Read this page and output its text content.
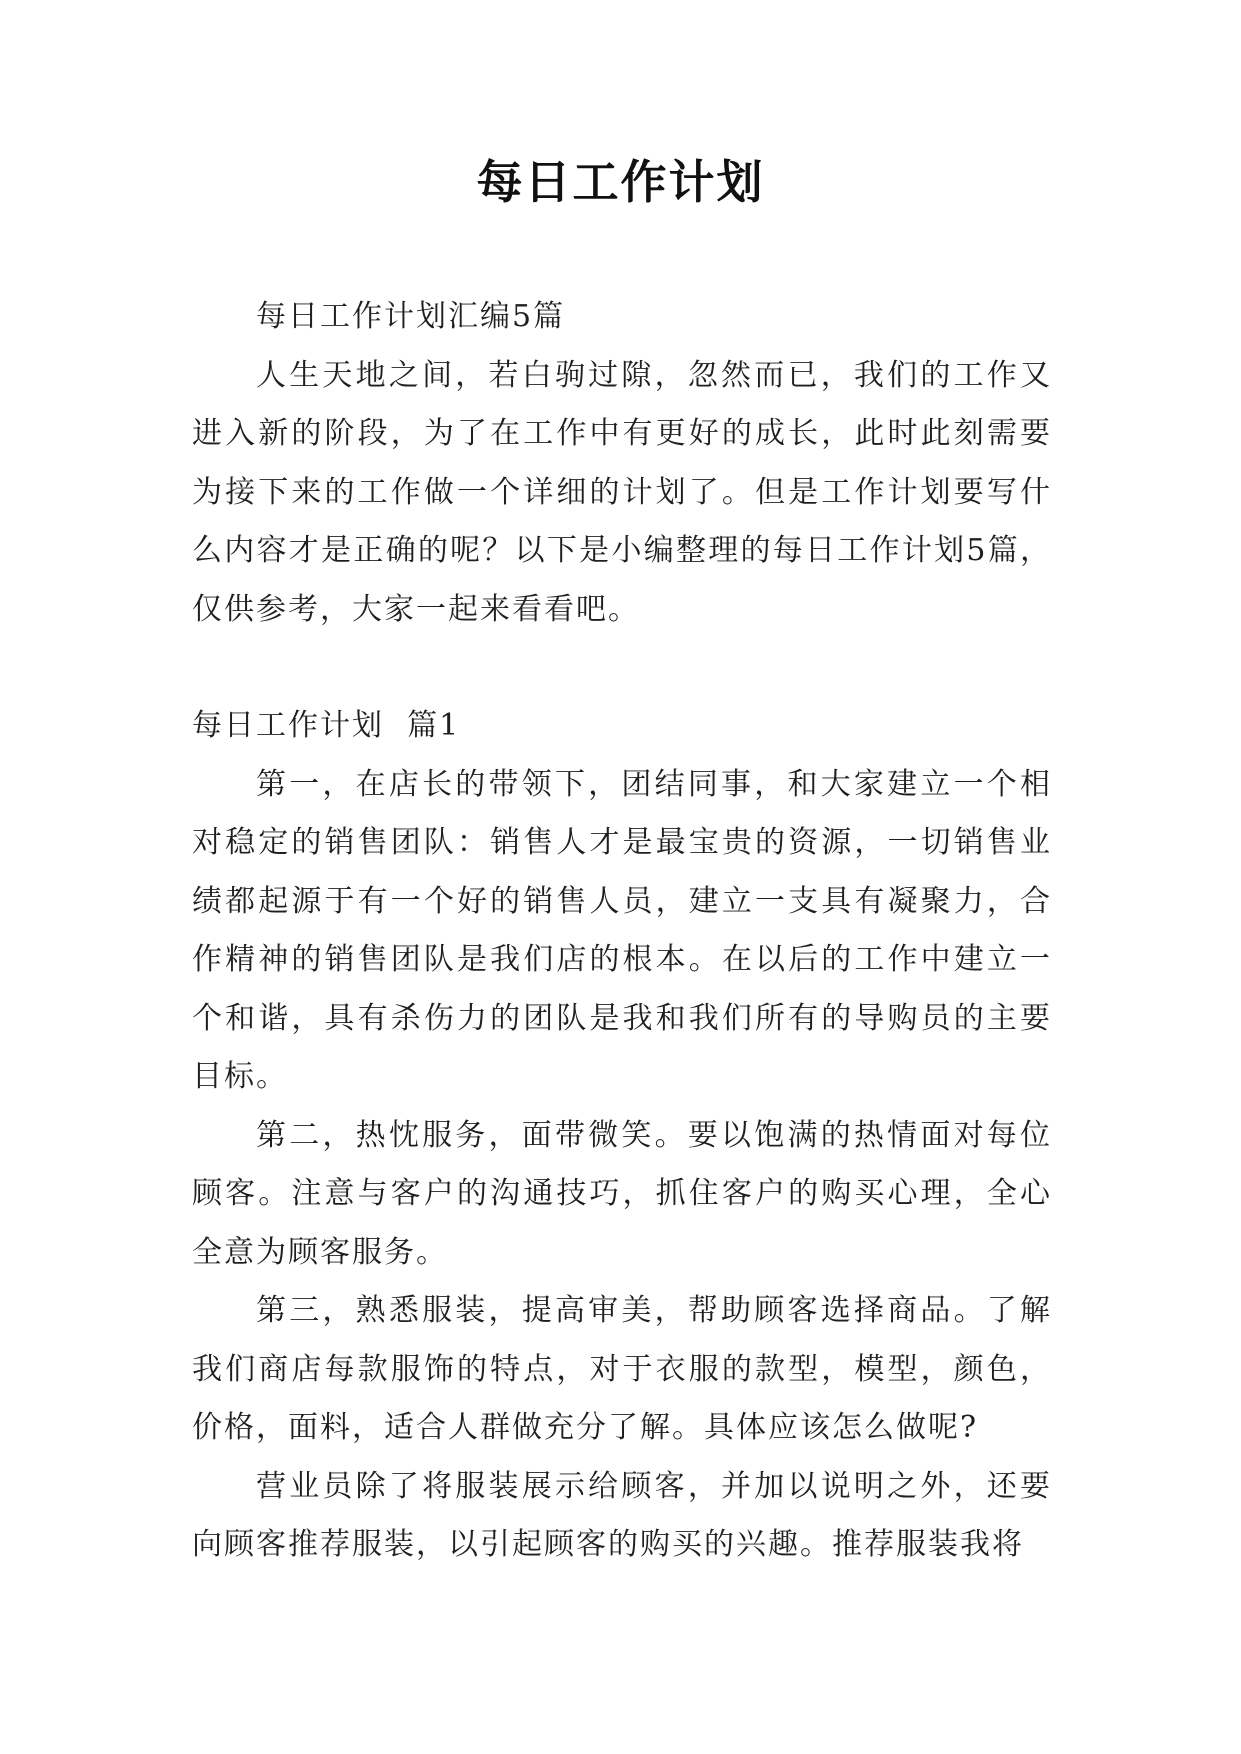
每日工作计划

每日工作计划汇编5篇

人生天地之间，若白驹过隙，忽然而已，我们的工作又进入新的阶段，为了在工作中有更好的成长，此时此刻需要为接下来的工作做一个详细的计划了。但是工作计划要写什么内容才是正确的呢？以下是小编整理的每日工作计划5篇，仅供参考，大家一起来看看吧。

每日工作计划  篇1

第一，在店长的带领下，团结同事，和大家建立一个相对稳定的销售团队：销售人才是最宝贵的资源，一切销售业绩都起源于有一个好的销售人员，建立一支具有凝聚力，合作精神的销售团队是我们店的根本。在以后的工作中建立一个和谐，具有杀伤力的团队是我和我们所有的导购员的主要目标。

第二，热忱服务，面带微笑。要以饱满的热情面对每位顾客。注意与客户的沟通技巧，抓住客户的购买心理，全心全意为顾客服务。

第三，熟悉服装，提高审美，帮助顾客选择商品。了解我们商店每款服饰的特点，对于衣服的款型，模型，颜色，价格，面料，适合人群做充分了解。具体应该怎么做呢?

营业员除了将服装展示给顾客，并加以说明之外，还要向顾客推荐服装，以引起顾客的购买的兴趣。推荐服装我将
